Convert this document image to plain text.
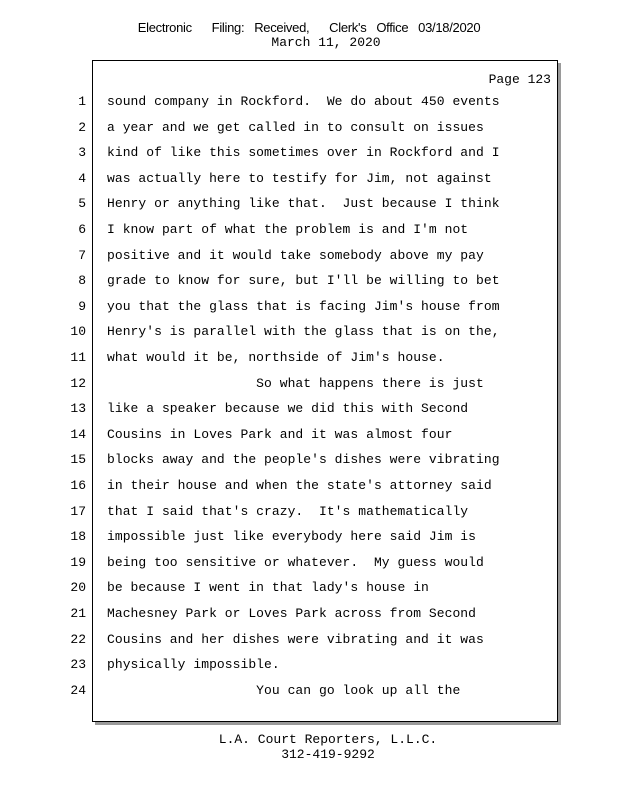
Electronic      Filing:   Received,      Clerk's   Office   03/18/2020
March 11, 2020
Page 123
1
2
3
4
5
6
7
8
9
10
11
12
13
14
15
16
17
18
19
20
21
22
23
24
sound company in Rockford.  We do about 450 events
a year and we get called in to consult on issues
kind of like this sometimes over in Rockford and I
was actually here to testify for Jim, not against
Henry or anything like that.  Just because I think
I know part of what the problem is and I'm not
positive and it would take somebody above my pay
grade to know for sure, but I'll be willing to bet
you that the glass that is facing Jim's house from
Henry's is parallel with the glass that is on the,
what would it be, northside of Jim's house.
So what happens there is just
like a speaker because we did this with Second
Cousins in Loves Park and it was almost four
blocks away and the people's dishes were vibrating
in their house and when the state's attorney said
that I said that's crazy.  It's mathematically
impossible just like everybody here said Jim is
being too sensitive or whatever.  My guess would
be because I went in that lady's house in
Machesney Park or Loves Park across from Second
Cousins and her dishes were vibrating and it was
physically impossible.
You can go look up all the
L.A. Court Reporters, L.L.C.
312-419-9292
